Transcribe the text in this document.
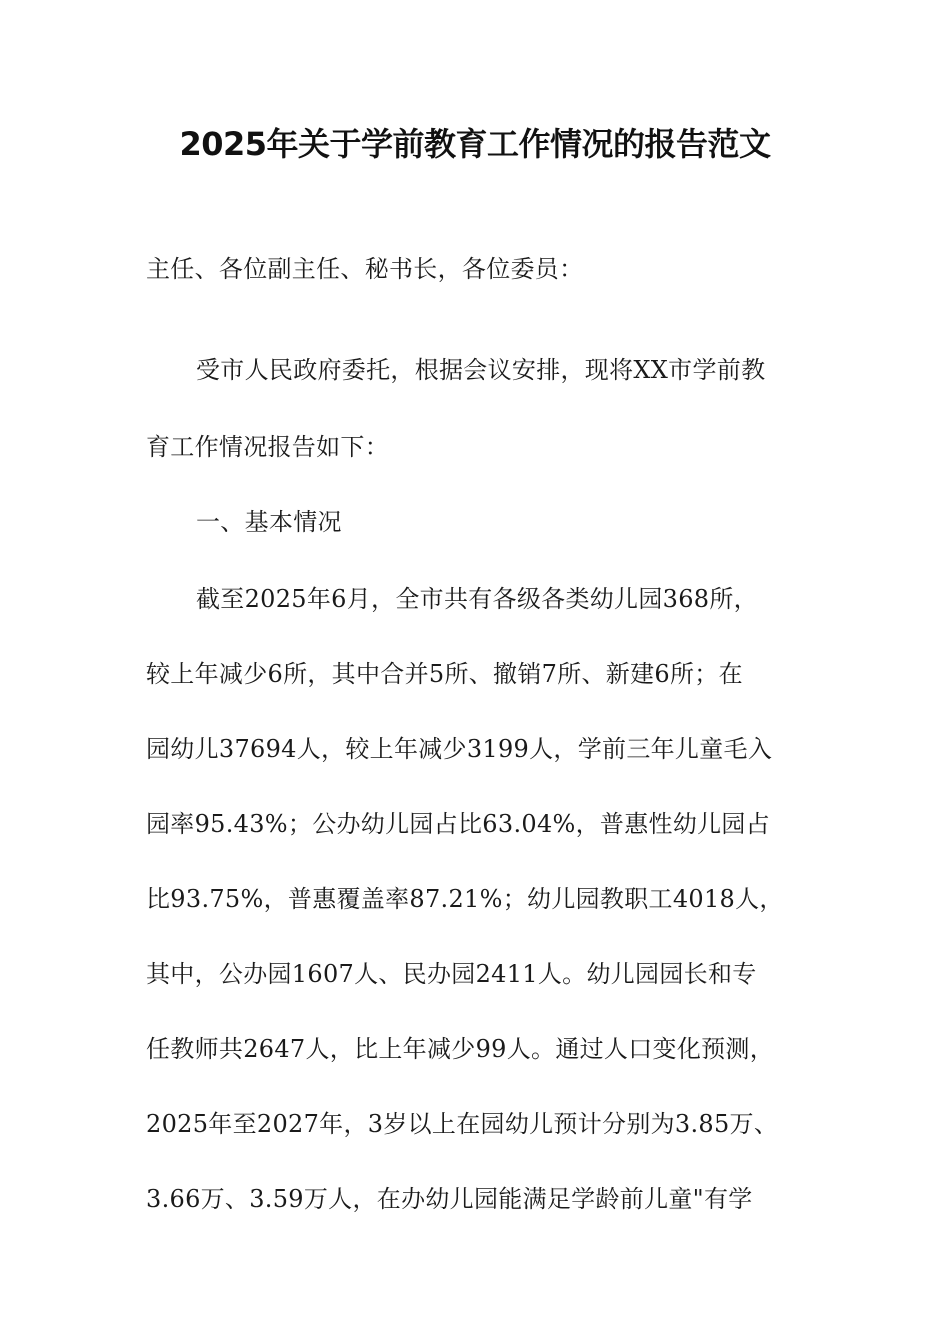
2025年关于学前教育工作情况的报告范文
主任、各位副主任、秘书长，各位委员：
受市人民政府委托，根据会议安排，现将XX市学前教
育工作情况报告如下：
一、基本情况
截至2025年6月，全市共有各级各类幼儿园368所，
较上年减少6所，其中合并5所、撤销7所、新建6所；在
园幼儿37694人，较上年减少3199人，学前三年儿童毛入
园率95.43%；公办幼儿园占比63.04%，普惠性幼儿园占
比93.75%，普惠覆盖率87.21%；幼儿园教职工4018人，
其中，公办园1607人、民办园2411人。幼儿园园长和专
任教师共2647人，比上年减少99人。通过人口变化预测，
2025年至2027年，3岁以上在园幼儿预计分别为3.85万、
3.66万、3.59万人，在办幼儿园能满足学龄前儿童"有学
